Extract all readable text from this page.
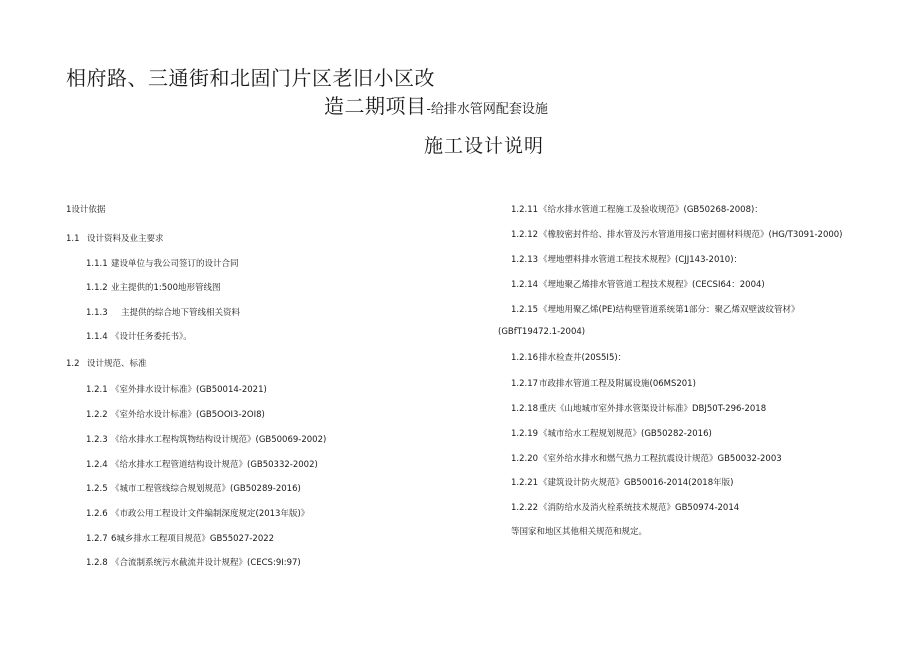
相府路、三通街和北固门片区老旧小区改
造二期项目-给排水管网配套设施
施工设计说明
1设计依据
1.1 设计资料及业主要求
1.1.1 建设单位与我公司签订的设计合同
1.1.2 业主提供的1:500地形管线图
1.1.3 主提供的综合地下管线相关资料
1.1.4 《设计任务委托书》。
1.2 设计规范、标准
1.2.1 《室外排水设计标准》(GB50014-2021)
1.2.2 《室外给水设计标准》(GB5OOI3-2OI8)
1.2.3 《给水排水工程构筑物结构设计规范》(GB50069-2002)
1.2.4 《给水排水工程管道结构设计规范》(GB50332-2002)
1.2.5 《城市工程管线综合规划规范》(GB50289-2016)
1.2.6 《市政公用工程设计文件编制深度规定(2013年版)》
1.2.7 6城乡排水工程项目规范》GB55027-2022
1.2.8 《合流制系统污水截流井设计规程》(CECS:9I:97)
1.2.11《给水排水管道工程施工及验收规范》(GB50268-2008)：
1.2.12《橡胶密封件给、排水管及污水管道用接口密封圈材料规范》(HG/T3091-2000)
1.2.13《埋地塑料排水管道工程技术规程》(CJJ143-2010)：
1.2.14《埋地聚乙烯排水管管道工程技术规程》(CECSI64：2004)
1.2.15《埋地用聚乙烯(PE)结构壁管道系统第1部分：聚乙烯双壁波纹管材》
(GBfT19472.1-2004)
1.2.16排水检查井(20S5I5)：
1.2.17市政排水管道工程及附属设施(06MS201)
1.2.18重庆《山地城市室外排水管渠设计标准》DBJ50T-296-2018
1.2.19《城市给水工程规划规范》(GB50282-2016)
1.2.20《室外给水排水和燃气热力工程抗震设计规范》GB50032-2003
1.2.21《建筑设计防火规范》GB50016-2014(2018年版)
1.2.22《消防给水及消火栓系统技术规范》GB50974-2014
等国家和地区其他相关规范和规定。
